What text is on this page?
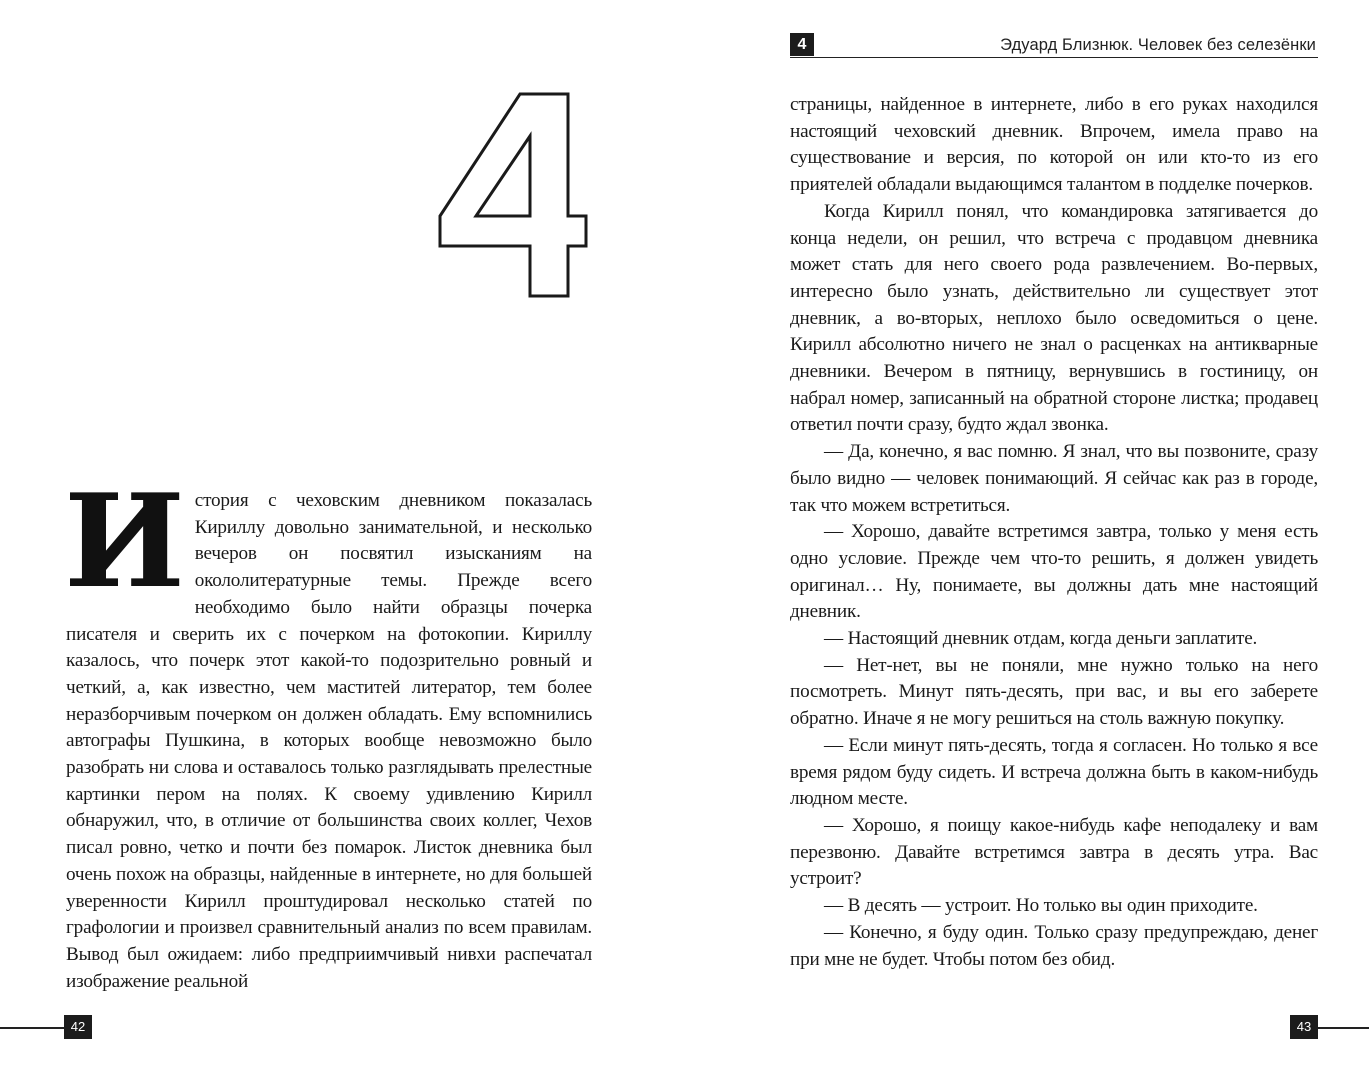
История с чеховским дневником показалась Кириллу довольно занимательной, и несколько вечеров он посвятил изысканиям на окололитературные темы. Прежде всего необходимо было найти образцы почерка писателя и сверить их с почерком на фотокопии. Кириллу казалось, что почерк этот какой-то подозрительно ровный и четкий, а, как известно, чем маститей литератор, тем более неразборчивым почерком он должен обладать. Ему вспомнились автографы Пушкина, в которых вообще невозможно было разобрать ни слова и оставалось только разглядывать прелестные картинки пером на полях. К своему удивлению Кирилл обнаружил, что, в отличие от большинства своих коллег, Чехов писал ровно, четко и почти без помарок. Листок дневника был очень похож на образцы, найденные в интернете, но для большей уверенности Кирилл проштудировал несколько статей по графологии и произвел сравнительный анализ по всем правилам. Вывод был ожидаем: либо предприимчивый нивхи распечатал изображение реальной

42
4	Эдуард Близнюк. Человек без селезёнки

страницы, найденное в интернете, либо в его руках находился настоящий чеховский дневник. Впрочем, имела право на существование и версия, по которой он или кто-то из его приятелей обладали выдающимся талантом в подделке почерков.

Когда Кирилл понял, что командировка затягивается до конца недели, он решил, что встреча с продавцом дневника может стать для него своего рода развлечением. Во-первых, интересно было узнать, действительно ли существует этот дневник, а во-вторых, неплохо было осведомиться о цене. Кирилл абсолютно ничего не знал о расценках на антикварные дневники. Вечером в пятницу, вернувшись в гостиницу, он набрал номер, записанный на обратной стороне листка; продавец ответил почти сразу, будто ждал звонка.

— Да, конечно, я вас помню. Я знал, что вы позвоните, сразу было видно — человек понимающий. Я сейчас как раз в городе, так что можем встретиться.

— Хорошо, давайте встретимся завтра, только у меня есть одно условие. Прежде чем что-то решить, я должен увидеть оригинал… Ну, понимаете, вы должны дать мне настоящий дневник.

— Настоящий дневник отдам, когда деньги заплатите.

— Нет-нет, вы не поняли, мне нужно только на него посмотреть. Минут пять-десять, при вас, и вы его заберете обратно. Иначе я не могу решиться на столь важную покупку.

— Если минут пять-десять, тогда я согласен. Но только я все время рядом буду сидеть. И встреча должна быть в каком-нибудь людном месте.

— Хорошо, я поищу какое-нибудь кафе неподалеку и вам перезвоню. Давайте встретимся завтра в десять утра. Вас устроит?

— В десять — устроит. Но только вы один приходите.

— Конечно, я буду один. Только сразу предупреждаю, денег при мне не будет. Чтобы потом без обид.

43
